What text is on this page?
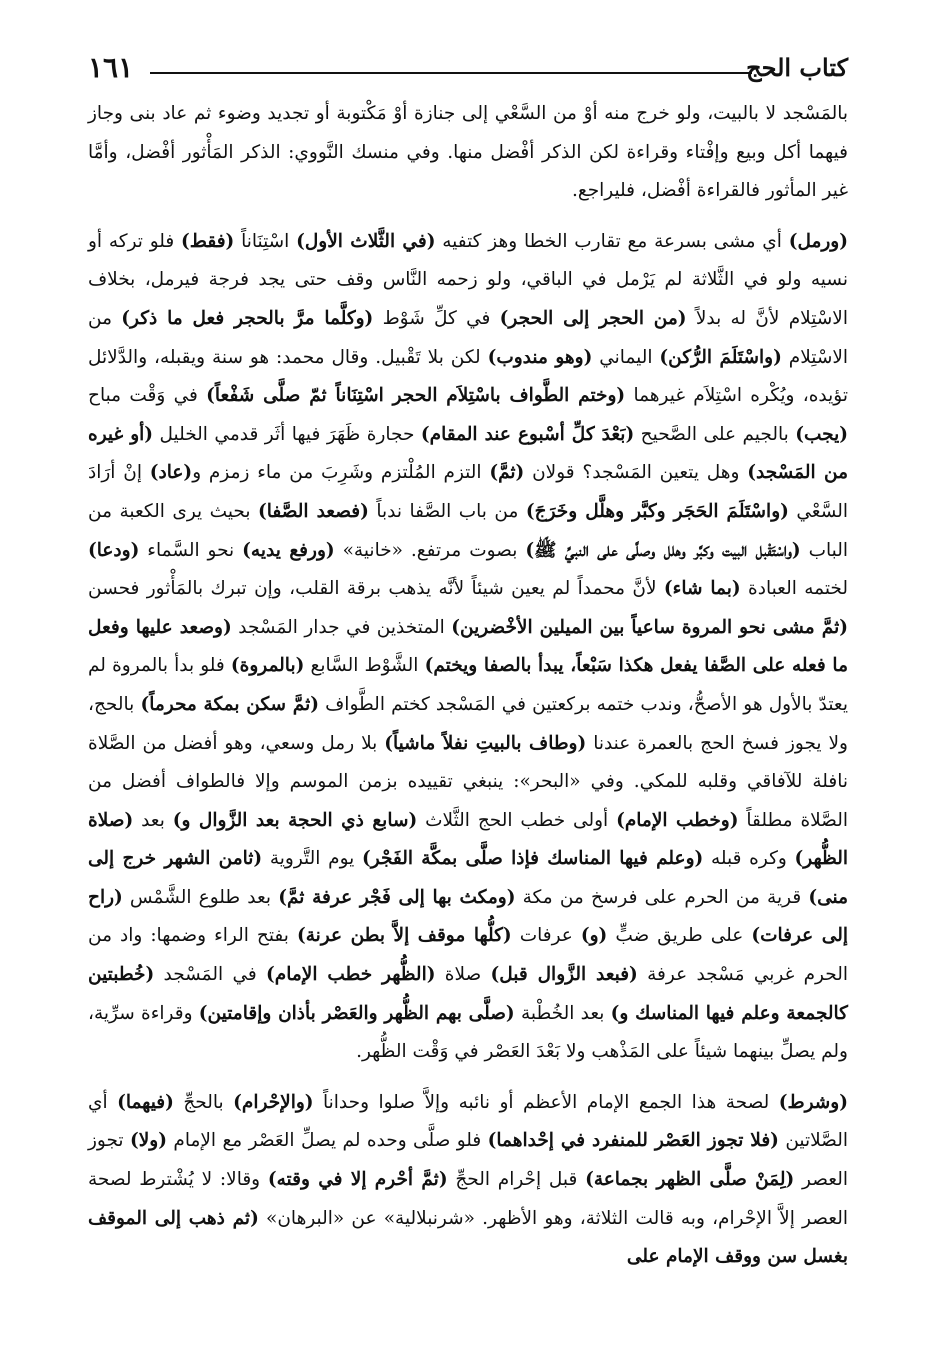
١٦١	كتاب الحج

بالمَسْجد لا بالبيت، ولو خرج منه أوْ من السَّعْي إلى جنازة أوْ مَكْتوبة أو تجديد وضوء ثم عاد بنى وجاز فيهما أكل وبيع وإفْتاء وقراءة لكن الذكر أفْضل منها. وفي منسك النَّووي: الذكر المَأْثور أفْضل، وأمَّا غير المأثور فالقراءة أفْضل، فليراجع.

(ورمل) أي مشى بسرعة مع تقارب الخطا وهز كتفيه (في الثَّلاث الأول) اسْتِنَاناً (فقط) فلو تركه أو نسيه ولو في الثَّلاثة لم يَرْمل في الباقي، ولو زحمه النَّاس وقف حتى يجد فرجة فيرمل، بخلاف الاسْتِلام لأنَّ له بدلاً (من الحجر إلى الحجر) في كلِّ شَوْط (وكلَّما مرَّ بالحجر فعل ما ذكر) من الاسْتِلام (واسْتَلَمَ الرُّكن) اليماني (وهو مندوب) لكن بلا تَقْبيل. وقال محمد: هو سنة ويقبله، والدَّلائل تؤيده، ويُكْره اسْتِلاَم غيرهما (وختم الطَّواف باسْتِلاَم الحجر اسْتِنَاناً ثمّ صلَّى شَفْعاً) في وَقْت مباح (يجب) بالجيم على الصَّحيح (بَعْدَ كلِّ أسْبوع عند المقام) حجارة ظَهَرَ فيها أثَر قدمي الخليل (أو غيره من المَسْجد) وهل يتعين المَسْجد؟ قولان (ثمَّ) التزم المُلْتزم وشَرِبَ من ماء زمزم و(عاد) إنْ أرَادَ السَّعْي (واسْتَلَمَ الحَجَر وكبَّر وهلَّل وخَرَجَ) من باب الصَّفا ندباً (فصعد الصَّفا) بحيث يرى الكعبة من الباب (واسْتَقْبل البيت وكبَّر وهلل وصلَّى على النبيِّ ﷺ) بصوت مرتفع. «خانية» (ورفع يديه) نحو السَّماء (ودعا) لختمه العبادة (بما شاء) لأنَّ محمداً لم يعين شيئاً لأنَّه يذهب برقة القلب، وإن تبرك بالمَأْثور فحسن (ثمَّ مشى نحو المروة ساعياً بين الميلين الأخْضرين) المتخذين في جدار المَسْجد (وصعد عليها وفعل ما فعله على الصَّفا يفعل هكذا سَبْعاً، يبدأ بالصفا ويختم) الشَّوْط السَّابع (بالمروة) فلو بدأ بالمروة لم يعتدّ بالأول هو الأصحُّ، وندب ختمه بركعتين في المَسْجد كختم الطَّواف (ثمَّ سكن بمكة محرماً) بالحج، ولا يجوز فسخ الحج بالعمرة عندنا (وطاف بالبيتِ نفلاً ماشياً) بلا رمل وسعي، وهو أفضل من الصَّلاة نافلة للآفاقي وقلبه للمكي. وفي «البحر»: ينبغي تقييده بزمن الموسم وإلا فالطواف أفضل من الصَّلاة مطلقاً (وخطب الإمام) أولى خطب الحج الثَّلاث (سابع ذي الحجة بعد الزَّوال و) بعد (صلاة الظُّهر) وكره قبله (وعلم فيها المناسك فإذا صلَّى بمكَّة الفَجْر) يوم التَّروية (ثامن الشهر خرج إلى منى) قرية من الحرم على فرسخ من مكة (ومكث بها إلى فَجْر عرفة ثمَّ) بعد طلوع الشَّمْس (راح إلى عرفات) على طريق ضبٍّ (و) عرفات (كلُّها موقف إلاَّ بطن عرنة) بفتح الراء وضمها: واد من الحرم غربي مَسْجد عرفة (فبعد الزَّوال قبل) صلاة (الظُّهر خطب الإمام) في المَسْجد (خُطبتين كالجمعة وعلم فيها المناسك و) بعد الخُطْبة (صلَّى بهم الظُّهر والعَصْر بأذان وإقامتين) وقراءة سرِّية، ولم يصلِّ بينهما شيئاً على المَذْهب ولا بَعْدَ العَصْر في وَقْت الظُّهر.

(وشرط) لصحة هذا الجمع الإمام الأعظم أو نائبه وإلاَّ صلوا وحداناً (والإحْرام) بالحجِّ (فيهما) أي الصَّلاتين (فلا تجوز العَصْر للمنفرد في إحْداهما) فلو صلَّى وحده لم يصلِّ العَصْر مع الإمام (ولا) تجوز العصر (لِمَنْ صلَّى الظهر بجماعة) قبل إحْرام الحجِّ (ثمَّ أحْرم إلا في وقته) وقالا: لا يُشْترط لصحة العصر إلاَّ الإحْرام، وبه قالت الثلاثة، وهو الأظهر. «شرنبلالية» عن «البرهان» (ثم ذهب إلى الموقف بغسل سن ووقف الإمام على
